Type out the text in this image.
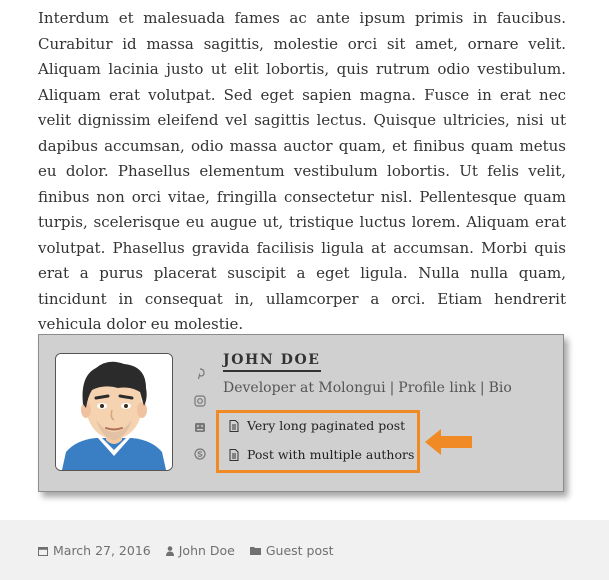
Interdum et malesuada fames ac ante ipsum primis in faucibus. Curabitur id massa sagittis, molestie orci sit amet, ornare velit. Aliquam lacinia justo ut elit lobortis, quis rutrum odio vestibulum. Aliquam erat volutpat. Sed eget sapien magna. Fusce in erat nec velit dignissim eleifend vel sagittis lectus. Quisque ultricies, nisi ut dapibus accumsan, odio massa auctor quam, et finibus quam metus eu dolor. Phasellus elementum vestibulum lobortis. Ut felis velit, finibus non orci vitae, fringilla consectetur nisl. Pellentesque quam turpis, scelerisque eu augue ut, tristique luctus lorem. Aliquam erat volutpat. Phasellus gravida facilisis ligula at accumsan. Morbi quis erat a purus placerat suscipit a eget ligula. Nulla nulla quam, tincidunt in consequat in, ullamcorper a orci. Etiam hendrerit vehicula dolor eu molestie.

JOHN DOE
Developer at Molongui | Profile link | Bio
Very long paginated post
Post with multiple authors
March 27, 2016 John Doe Guest post
